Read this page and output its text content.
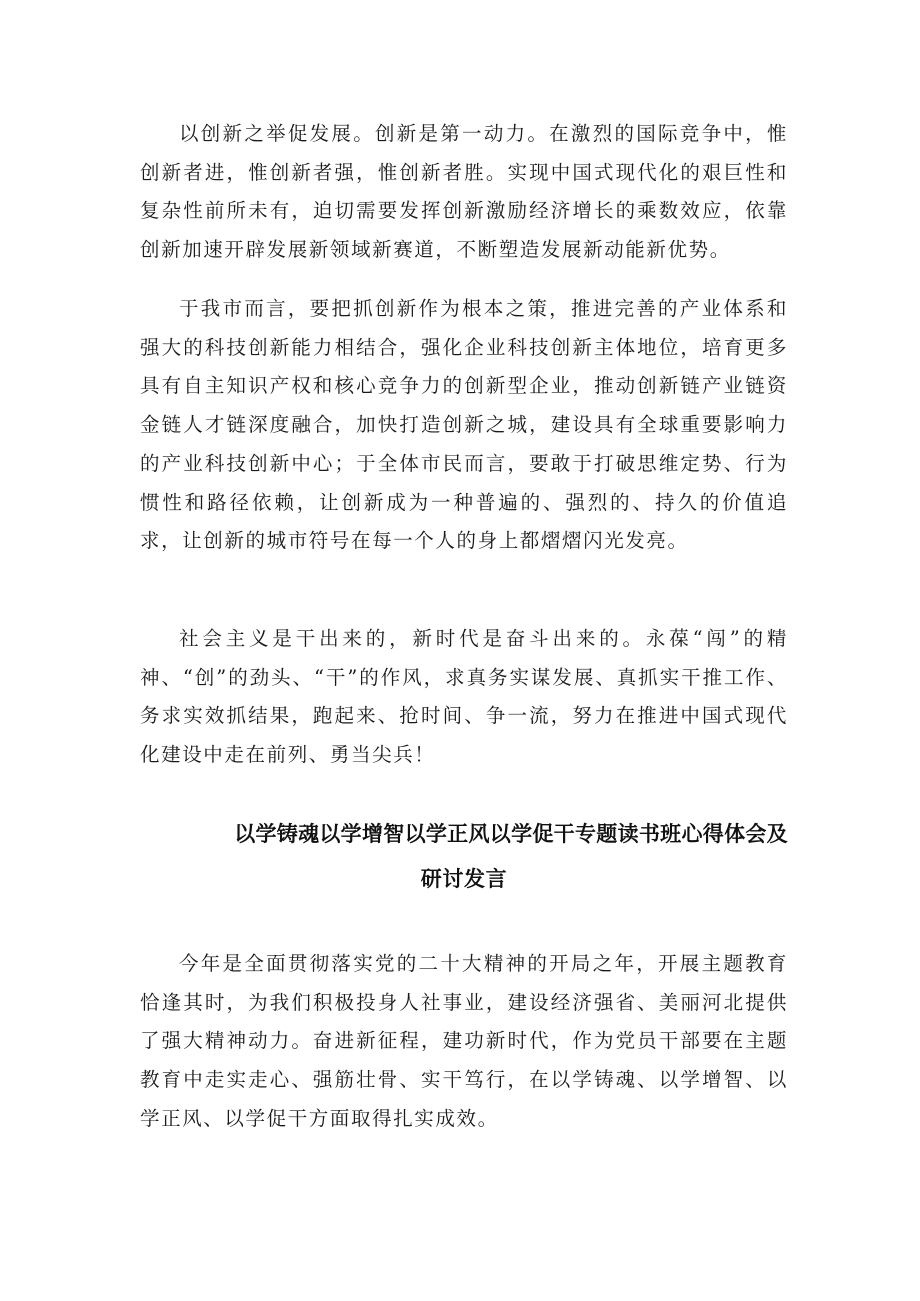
以创新之举促发展。创新是第一动力。在激烈的国际竞争中，惟创新者进，惟创新者强，惟创新者胜。实现中国式现代化的艰巨性和复杂性前所未有，迫切需要发挥创新激励经济增长的乘数效应，依靠创新加速开辟发展新领域新赛道，不断塑造发展新动能新优势。

于我市而言，要把抓创新作为根本之策，推进完善的产业体系和强大的科技创新能力相结合，强化企业科技创新主体地位，培育更多具有自主知识产权和核心竞争力的创新型企业，推动创新链产业链资金链人才链深度融合，加快打造创新之城，建设具有全球重要影响力的产业科技创新中心；于全体市民而言，要敢于打破思维定势、行为惯性和路径依赖，让创新成为一种普遍的、强烈的、持久的价值追求，让创新的城市符号在每一个人的身上都熠熠闪光发亮。

社会主义是干出来的，新时代是奋斗出来的。永葆“闯”的精神、“创”的劲头、“干”的作风，求真务实谋发展、真抓实干推工作、务求实效抓结果，跑起来、抢时间、争一流，努力在推进中国式现代化建设中走在前列、勇当尖兵！

以学铸魂以学增智以学正风以学促干专题读书班心得体会及
研讨发言

今年是全面贯彻落实党的二十大精神的开局之年，开展主题教育恰逢其时，为我们积极投身人社事业，建设经济强省、美丽河北提供了强大精神动力。奋进新征程，建功新时代，作为党员干部要在主题教育中走实走心、强筋壮骨、实干笃行，在以学铸魂、以学增智、以学正风、以学促干方面取得扎实成效。
